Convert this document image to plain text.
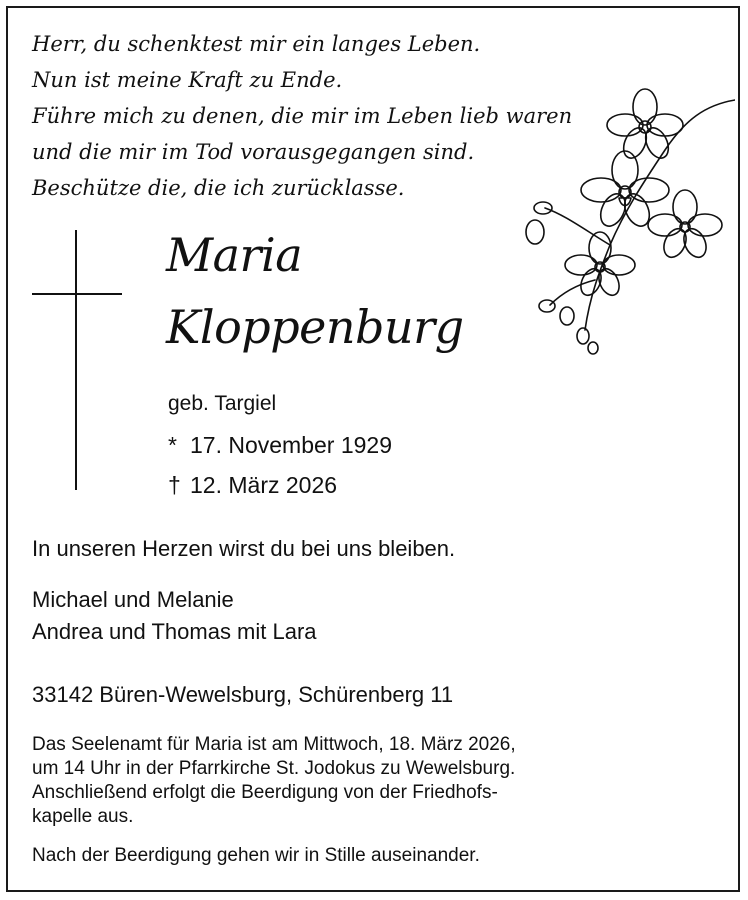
Herr, du schenktest mir ein langes Leben.
Nun ist meine Kraft zu Ende.
Führe mich zu denen, die mir im Leben lieb waren
und die mir im Tod vorausgegangen sind.
Beschütze die, die ich zurücklasse.
Maria
Kloppenburg
geb. Targiel
* 17. November 1929
† 12. März 2026
In unseren Herzen wirst du bei uns bleiben.
Michael und Melanie
Andrea und Thomas mit Lara
33142 Büren-Wewelsburg, Schürenberg 11
Das Seelenamt für Maria ist am Mittwoch, 18. März 2026,
um 14 Uhr in der Pfarrkirche St. Jodokus zu Wewelsburg.
Anschließend erfolgt die Beerdigung von der Friedhofs-
kapelle aus.
Nach der Beerdigung gehen wir in Stille auseinander.
